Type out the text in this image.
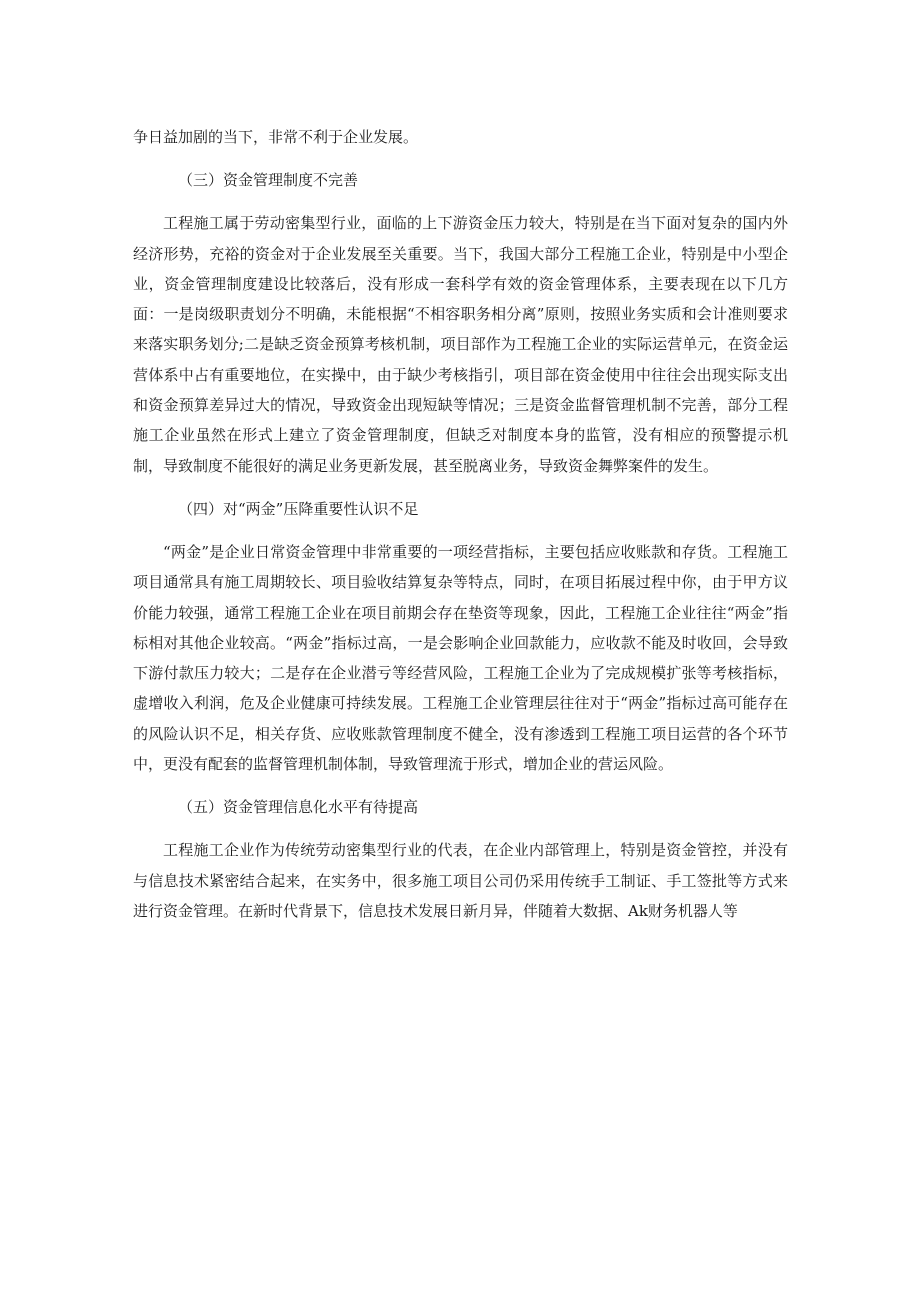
争日益加剧的当下，非常不利于企业发展。

（三）资金管理制度不完善

工程施工属于劳动密集型行业，面临的上下游资金压力较大，特别是在当下面对复杂的国内外经济形势，充裕的资金对于企业发展至关重要。当下，我国大部分工程施工企业，特别是中小型企业，资金管理制度建设比较落后，没有形成一套科学有效的资金管理体系，主要表现在以下几方面：一是岗级职责划分不明确，未能根据“不相容职务相分离”原则，按照业务实质和会计准则要求来落实职务划分;二是缺乏资金预算考核机制，项目部作为工程施工企业的实际运营单元，在资金运营体系中占有重要地位，在实操中，由于缺少考核指引，项目部在资金使用中往往会出现实际支出和资金预算差异过大的情况，导致资金出现短缺等情况；三是资金监督管理机制不完善，部分工程施工企业虽然在形式上建立了资金管理制度，但缺乏对制度本身的监管，没有相应的预警提示机制，导致制度不能很好的满足业务更新发展，甚至脱离业务，导致资金舞弊案件的发生。

（四）对“两金”压降重要性认识不足

“两金”是企业日常资金管理中非常重要的一项经营指标，主要包括应收账款和存货。工程施工项目通常具有施工周期较长、项目验收结算复杂等特点，同时，在项目拓展过程中你，由于甲方议价能力较强，通常工程施工企业在项目前期会存在垫资等现象，因此，工程施工企业往往“两金”指标相对其他企业较高。“两金”指标过高，一是会影响企业回款能力，应收款不能及时收回，会导致下游付款压力较大；二是存在企业潜亏等经营风险，工程施工企业为了完成规模扩张等考核指标，虚增收入利润，危及企业健康可持续发展。工程施工企业管理层往往对于“两金”指标过高可能存在的风险认识不足，相关存货、应收账款管理制度不健全，没有渗透到工程施工项目运营的各个环节中，更没有配套的监督管理机制体制，导致管理流于形式，增加企业的营运风险。

（五）资金管理信息化水平有待提高

工程施工企业作为传统劳动密集型行业的代表，在企业内部管理上，特别是资金管控，并没有与信息技术紧密结合起来，在实务中，很多施工项目公司仍采用传统手工制证、手工签批等方式来进行资金管理。在新时代背景下，信息技术发展日新月异，伴随着大数据、Ak财务机器人等
